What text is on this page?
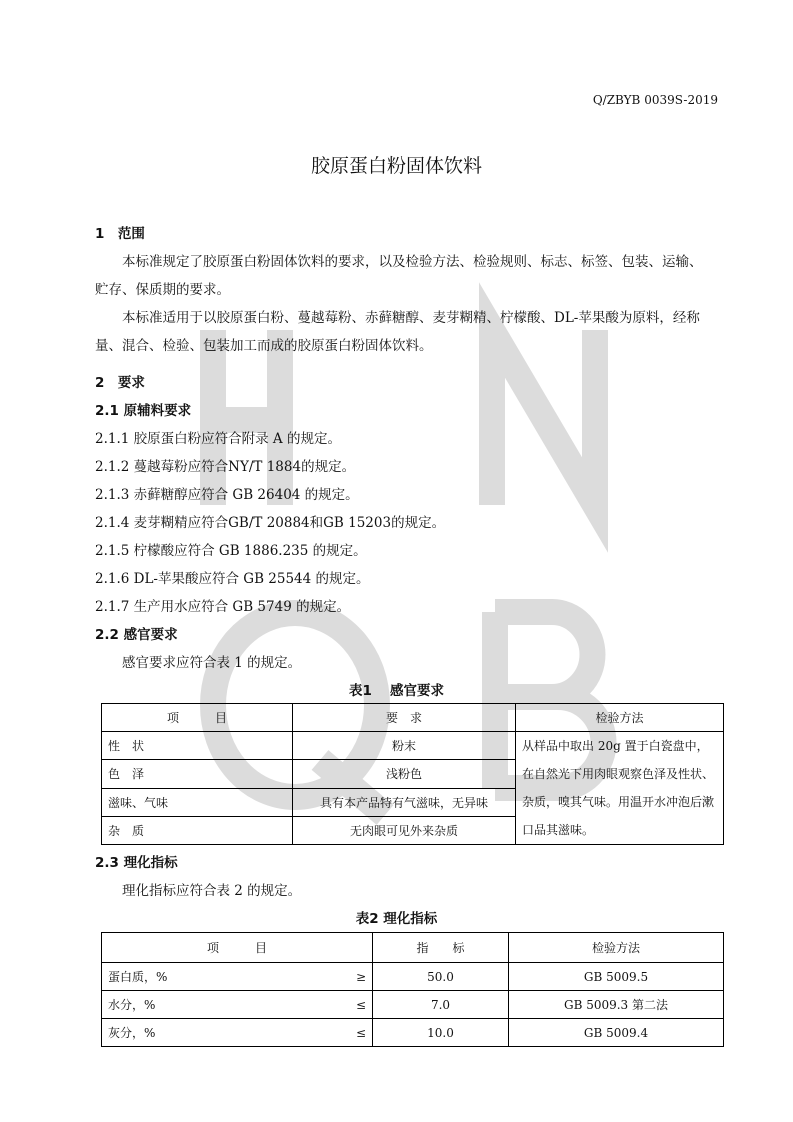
Q/ZBYB 0039S-2019
胶原蛋白粉固体饮料
1　范围
本标准规定了胶原蛋白粉固体饮料的要求，以及检验方法、检验规则、标志、标签、包装、运输、
贮存、保质期的要求。
本标准适用于以胶原蛋白粉、蔓越莓粉、赤藓糖醇、麦芽糊精、柠檬酸、DL-苹果酸为原料，经称
量、混合、检验、包装加工而成的胶原蛋白粉固体饮料。
2　要求
2.1 原辅料要求
2.1.1 胶原蛋白粉应符合附录 A 的规定。
2.1.2 蔓越莓粉应符合NY/T 1884的规定。
2.1.3 赤藓糖醇应符合 GB 26404 的规定。
2.1.4 麦芽糊精应符合GB/T 20884和GB 15203的规定。
2.1.5 柠檬酸应符合 GB 1886.235 的规定。
2.1.6 DL-苹果酸应符合 GB 25544 的规定。
2.1.7 生产用水应符合 GB 5749 的规定。
2.2 感官要求
感官要求应符合表 1 的规定。
表1　 感官要求
项　　　目	要　求	检验方法
性　状	粉末	从样品中取出 20g 置于白瓷盘中，在自然光下用肉眼观察色泽及性状、杂质，嗅其气味。用温开水冲泡后漱口品其滋味。
色　泽	浅粉色	
滋味、气味	具有本产品特有气滋味，无异味	
杂　质	无肉眼可见外来杂质	
2.3 理化指标
理化指标应符合表 2 的规定。
表2 理化指标
项　　　目		指　　标	检验方法
蛋白质，%	≥	50.0	GB 5009.5
水分，%	≤	7.0	GB 5009.3 第二法
灰分，%	≤	10.0	GB 5009.4
